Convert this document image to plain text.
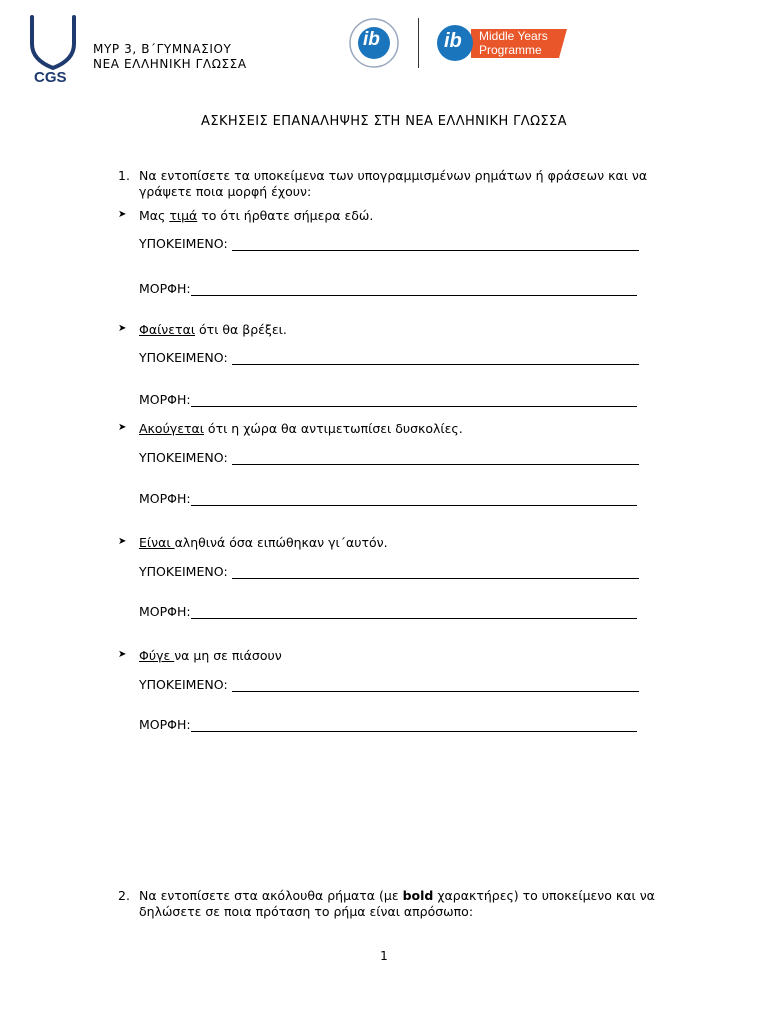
CGS
ΜΥΡ 3, Β΄ΓΥΜΝΑΣΙΟΥ
ΝΕΑ ΕΛΛΗΝΙΚΗ ΓΛΩΣΣΑ
ib	ib Middle Years
Programme
ΑΣΚΗΣΕΙΣ ΕΠΑΝΑΛΗΨΗΣ ΣΤΗ ΝΕΑ ΕΛΛΗΝΙΚΗ ΓΛΩΣΣΑ
1. Να εντοπίσετε τα υποκείμενα των υπογραμμισμένων ρημάτων ή φράσεων και να γράψετε ποια μορφή έχουν:
➤ Μας τιμά το ότι ήρθατε σήμερα εδώ.
ΥΠΟΚΕΙΜΕΝΟ:
ΜΟΡΦΗ:
➤ Φαίνεται ότι θα βρέξει.
ΥΠΟΚΕΙΜΕΝΟ:
ΜΟΡΦΗ:
➤ Ακούγεται ότι η χώρα θα αντιμετωπίσει δυσκολίες.
ΥΠΟΚΕΙΜΕΝΟ:
ΜΟΡΦΗ:
➤ Είναι αληθινά όσα ειπώθηκαν γι΄αυτόν.
ΥΠΟΚΕΙΜΕΝΟ:
ΜΟΡΦΗ:
➤ Φύγε να μη σε πιάσουν
ΥΠΟΚΕΙΜΕΝΟ:
ΜΟΡΦΗ:
2. Να εντοπίσετε στα ακόλουθα ρήματα (με bold χαρακτήρες) το υποκείμενο και να δηλώσετε σε ποια πρόταση το ρήμα είναι απρόσωπο:
1
